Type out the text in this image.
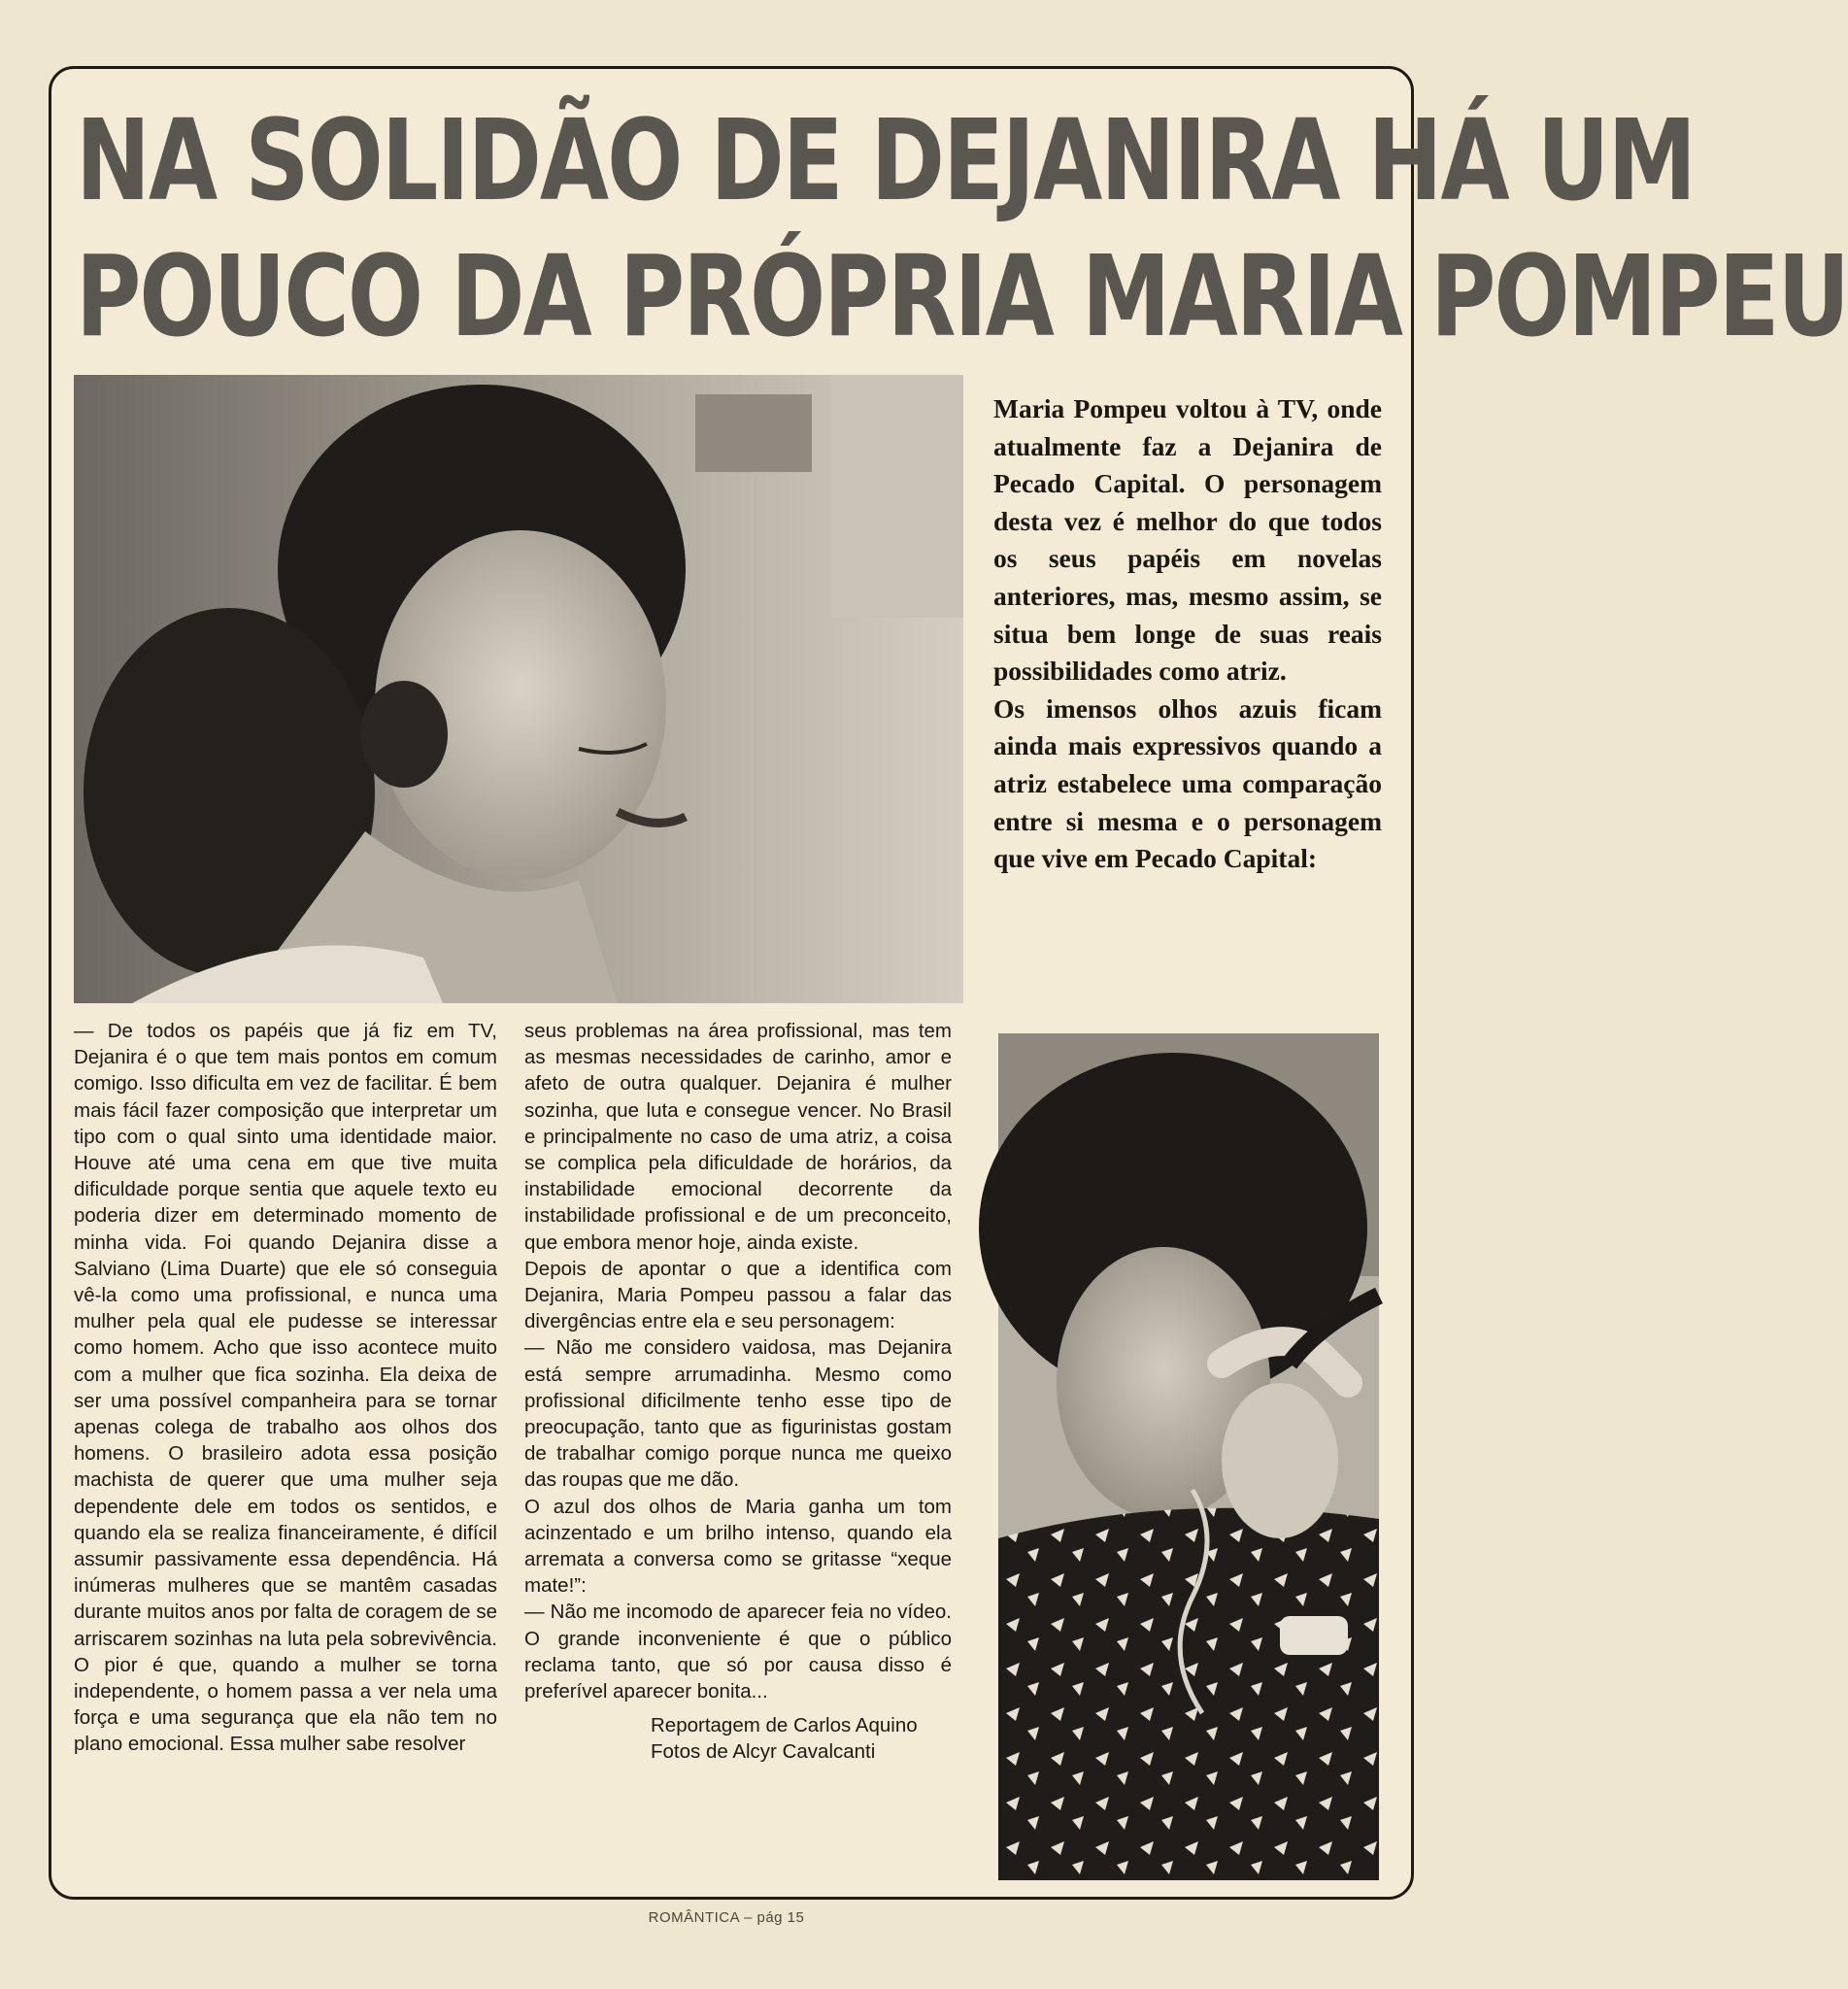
NA SOLIDÃO DE DEJANIRA HÁ UM
POUCO DA PRÓPRIA MARIA POMPEU

Maria Pompeu voltou à TV, onde atualmente faz a Dejanira de Pecado Capital. O personagem desta vez é melhor do que todos os seus papéis em novelas anteriores, mas, mesmo assim, se situa bem longe de suas reais possibilidades como atriz.

Os imensos olhos azuis ficam ainda mais expressivos quando a atriz estabelece uma comparação entre si mesma e o personagem que vive em Pecado Capital:

— De todos os papéis que já fiz em TV, Dejanira é o que tem mais pontos em comum comigo. Isso dificulta em vez de facilitar. É bem mais fácil fazer composição que interpretar um tipo com o qual sinto uma identidade maior. Houve até uma cena em que tive muita dificuldade porque sentia que aquele texto eu poderia dizer em determinado momento de minha vida. Foi quando Dejanira disse a Salviano (Lima Duarte) que ele só conseguia vê-la como uma profissional, e nunca uma mulher pela qual ele pudesse se interessar como homem. Acho que isso acontece muito com a mulher que fica sozinha. Ela deixa de ser uma possível companheira para se tornar apenas colega de trabalho aos olhos dos homens. O brasileiro adota essa posição machista de querer que uma mulher seja dependente dele em todos os sentidos, e quando ela se realiza financeiramente, é difícil assumir passivamente essa dependência. Há inúmeras mulheres que se mantêm casadas durante muitos anos por falta de coragem de se arriscarem sozinhas na luta pela sobrevivência. O pior é que, quando a mulher se torna independente, o homem passa a ver nela uma força e uma segurança que ela não tem no plano emocional. Essa mulher sabe resolver

seus problemas na área profissional, mas tem as mesmas necessidades de carinho, amor e afeto de outra qualquer. Dejanira é mulher sozinha, que luta e consegue vencer. No Brasil e principalmente no caso de uma atriz, a coisa se complica pela dificuldade de horários, da instabilidade emocional decorrente da instabilidade profissional e de um preconceito, que embora menor hoje, ainda existe.

Depois de apontar o que a identifica com Dejanira, Maria Pompeu passou a falar das divergências entre ela e seu personagem:

— Não me considero vaidosa, mas Dejanira está sempre arrumadinha. Mesmo como profissional dificilmente tenho esse tipo de preocupação, tanto que as figurinistas gostam de trabalhar comigo porque nunca me queixo das roupas que me dão.

O azul dos olhos de Maria ganha um tom acinzentado e um brilho intenso, quando ela arremata a conversa como se gritasse “xeque mate!”:

— Não me incomodo de aparecer feia no vídeo. O grande inconveniente é que o público reclama tanto, que só por causa disso é preferível aparecer bonita...

Reportagem de Carlos Aquino
Fotos de Alcyr Cavalcanti

ROMÂNTICA – pág 15
